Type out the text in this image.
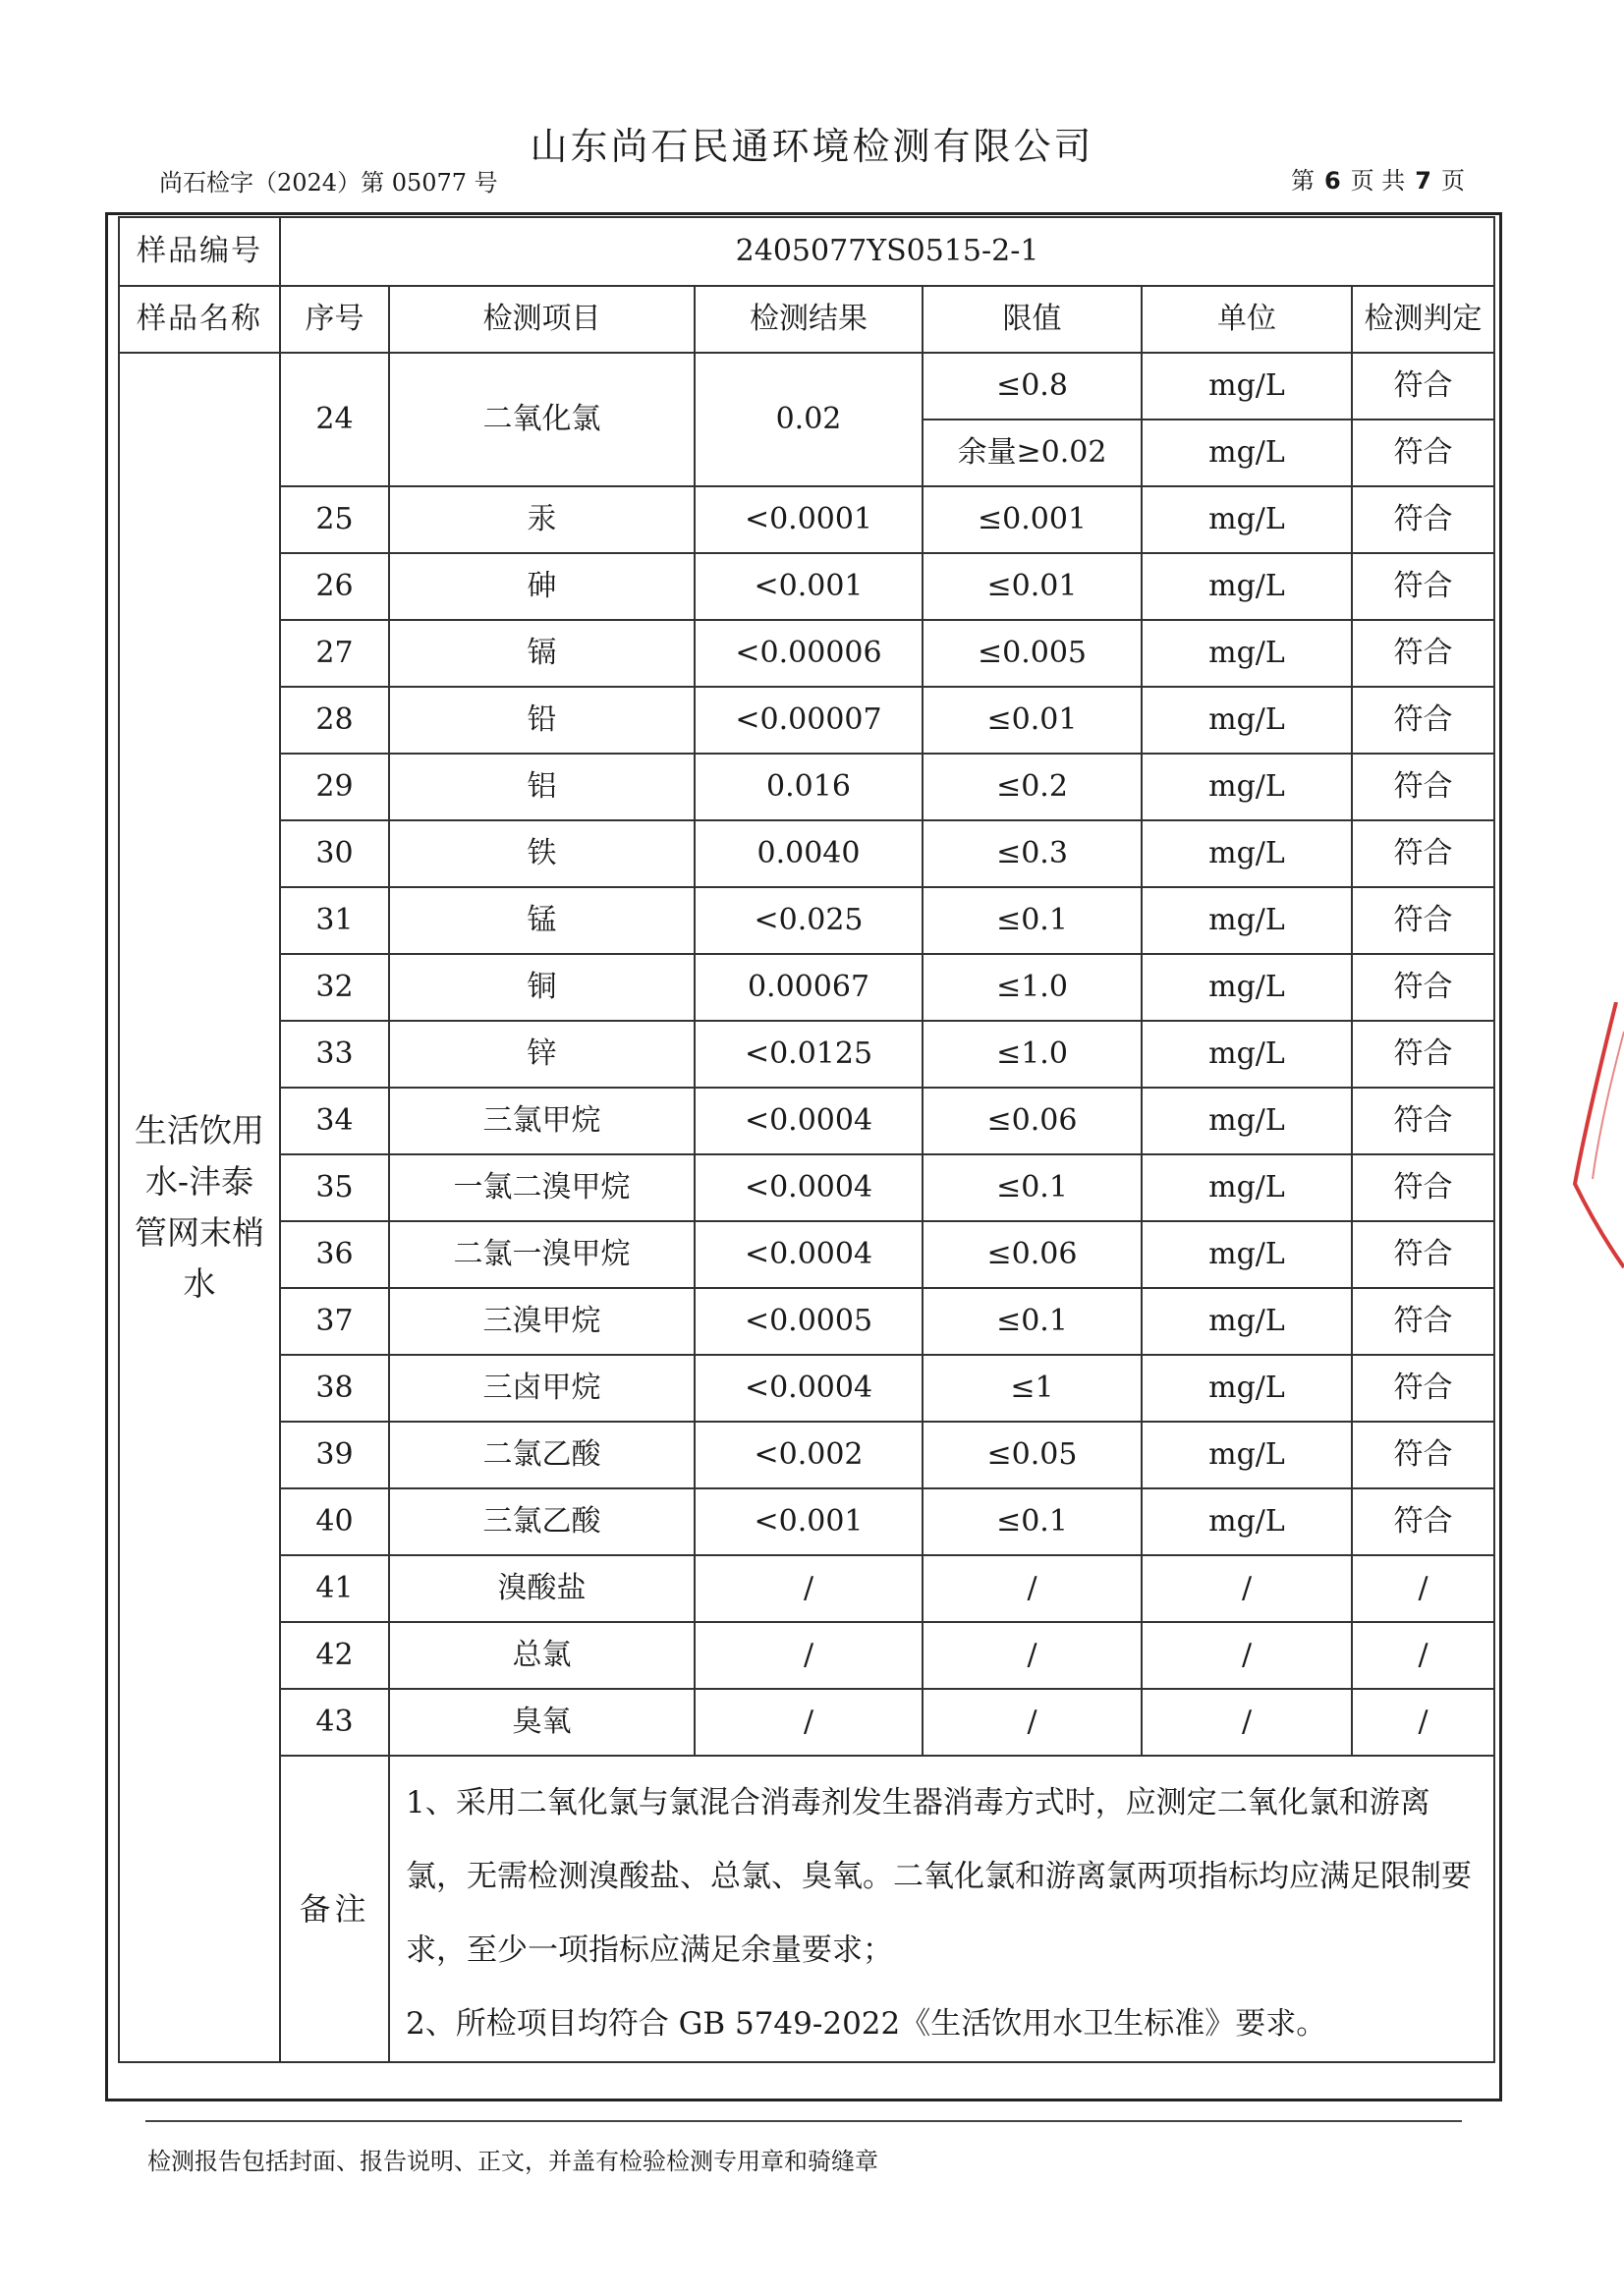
山东尚石民通环境检测有限公司
尚石检字（2024）第 05077 号	第 6 页 共 7 页
样品编号	2405077YS0515-2-1					
样品名称	序号	检测项目	检测结果	限值	单位	检测判定

生活饮用
水-沣泰
管网末梢
水	24	二氧化氯	0.02	≤0.8	mg/L	符合
				余量≥0.02	mg/L	符合
	25	汞	<0.0001	≤0.001	mg/L	符合
	26	砷	<0.001	≤0.01	mg/L	符合
	27	镉	<0.00006	≤0.005	mg/L	符合
	28	铅	<0.00007	≤0.01	mg/L	符合
	29	铝	0.016	≤0.2	mg/L	符合
	30	铁	0.0040	≤0.3	mg/L	符合
	31	锰	<0.025	≤0.1	mg/L	符合
	32	铜	0.00067	≤1.0	mg/L	符合
	33	锌	<0.0125	≤1.0	mg/L	符合
	34	三氯甲烷	<0.0004	≤0.06	mg/L	符合
	35	一氯二溴甲烷	<0.0004	≤0.1	mg/L	符合
	36	二氯一溴甲烷	<0.0004	≤0.06	mg/L	符合
	37	三溴甲烷	<0.0005	≤0.1	mg/L	符合
	38	三卤甲烷	<0.0004	≤1	mg/L	符合
	39	二氯乙酸	<0.002	≤0.05	mg/L	符合
	40	三氯乙酸	<0.001	≤0.1	mg/L	符合
	41	溴酸盐	/	/	/	/
	42	总氯	/	/	/	/
	43	臭氧	/	/	/	/
	备注	1、采用二氧化氯与氯混合消毒剂发生器消毒方式时，应测定二氧化氯和游离氯，无需检测溴酸盐、总氯、臭氧。二氧化氯和游离氯两项指标均应满足限制要求，至少一项指标应满足余量要求；

2、所检项目均符合 GB 5749-2022《生活饮用水卫生标准》要求。				

检测报告包括封面、报告说明、正文，并盖有检验检测专用章和骑缝章
